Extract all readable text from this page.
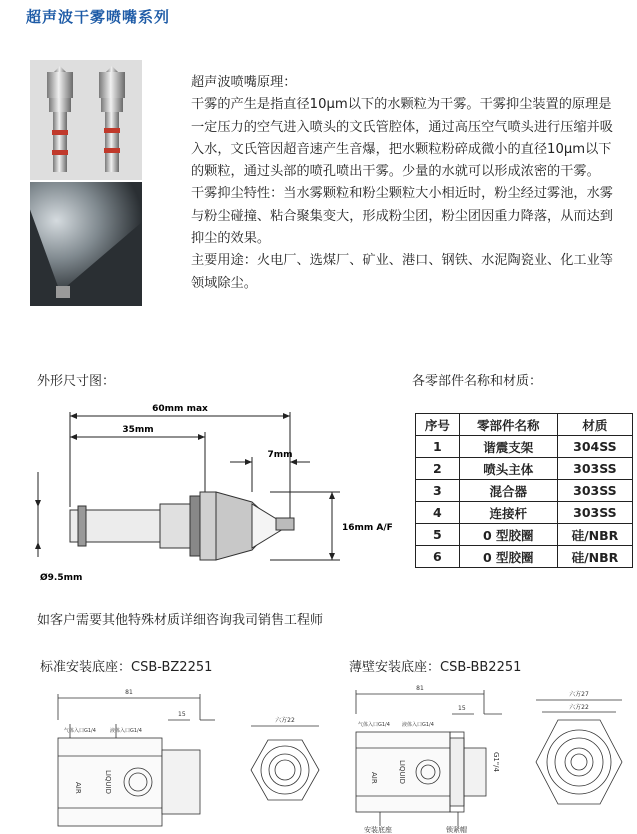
超声波干雾喷嘴系列

超声波喷嘴原理：

干雾的产生是指直径10μm以下的水颗粒为干雾。干雾抑尘装置的原理是一定压力的空气进入喷头的文氏管腔体，通过高压空气喷头进行压缩并吸入水，文氏管因超音速产生音爆，把水颗粒粉碎成微小的直径10μm以下的颗粒，通过头部的喷孔喷出干雾。少量的水就可以形成浓密的干雾。

干雾抑尘特性：当水雾颗粒和粉尘颗粒大小相近时，粉尘经过雾池，水雾与粉尘碰撞、粘合聚集变大，形成粉尘团，粉尘团因重力降落，从而达到抑尘的效果。

主要用途：火电厂、选煤厂、矿业、港口、钢铁、水泥陶瓷业、化工业等领域除尘。

外形尺寸图：	各零部件名称和材质：
60mm max
35mm
7mm
16mm A/F
Ø9.5mm
序号	零部件名称	材质
1	谐震支架	304SS
2	喷头主体	303SS
3	混合器	303SS
4	连接杆	303SS
5	0 型胶圈	硅/NBR
6	0 型胶圈	硅/NBR
如客户需要其他特殊材质详细咨询我司销售工程师
标准安装底座：CSB-BZ2251	薄壁安装底座：CSB-BB2251
81
15
气体入口G1/4	液体入口G1/4
AIR	LIQUID
六方22
81
15
气体入口G1/4 液体入口G1/4
AIR	LIQUID	G1"/4
安装底座	锁紧帽
六方27
六方22
